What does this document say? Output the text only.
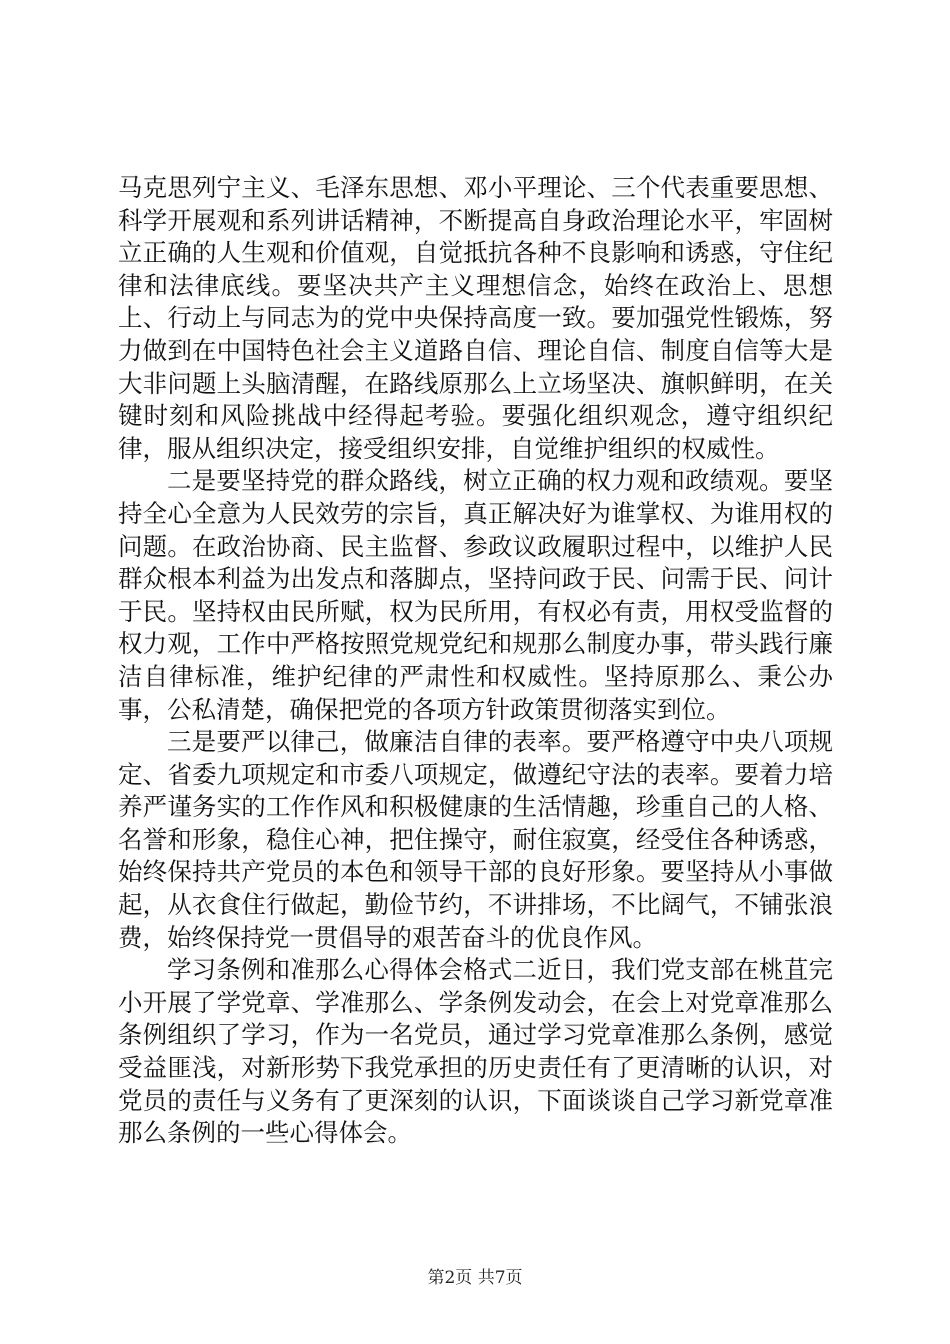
马克思列宁主义、毛泽东思想、邓小平理论、三个代表重要思想、科学开展观和系列讲话精神，不断提高自身政治理论水平，牢固树立正确的人生观和价值观，自觉抵抗各种不良影响和诱惑，守住纪律和法律底线。要坚决共产主义理想信念，始终在政治上、思想上、行动上与同志为的党中央保持高度一致。要加强党性锻炼，努力做到在中国特色社会主义道路自信、理论自信、制度自信等大是大非问题上头脑清醒，在路线原那么上立场坚决、旗帜鲜明，在关键时刻和风险挑战中经得起考验。要强化组织观念，遵守组织纪律，服从组织决定，接受组织安排，自觉维护组织的权威性。

二是要坚持党的群众路线，树立正确的权力观和政绩观。要坚持全心全意为人民效劳的宗旨，真正解决好为谁掌权、为谁用权的问题。在政治协商、民主监督、参政议政履职过程中，以维护人民群众根本利益为出发点和落脚点，坚持问政于民、问需于民、问计于民。坚持权由民所赋，权为民所用，有权必有责，用权受监督的权力观，工作中严格按照党规党纪和规那么制度办事，带头践行廉洁自律标准，维护纪律的严肃性和权威性。坚持原那么、秉公办事，公私清楚，确保把党的各项方针政策贯彻落实到位。

三是要严以律己，做廉洁自律的表率。要严格遵守中央八项规定、省委九项规定和市委八项规定，做遵纪守法的表率。要着力培养严谨务实的工作作风和积极健康的生活情趣，珍重自己的人格、名誉和形象，稳住心神，把住操守，耐住寂寞，经受住各种诱惑，始终保持共产党员的本色和领导干部的良好形象。要坚持从小事做起，从衣食住行做起，勤俭节约，不讲排场，不比阔气，不铺张浪费，始终保持党一贯倡导的艰苦奋斗的优良作风。

学习条例和准那么心得体会格式二近日，我们党支部在桃苴完小开展了学党章、学准那么、学条例发动会，在会上对党章准那么条例组织了学习，作为一名党员，通过学习党章准那么条例，感觉受益匪浅，对新形势下我党承担的历史责任有了更清晰的认识，对党员的责任与义务有了更深刻的认识，下面谈谈自己学习新党章准那么条例的一些心得体会。

第2页 共7页
